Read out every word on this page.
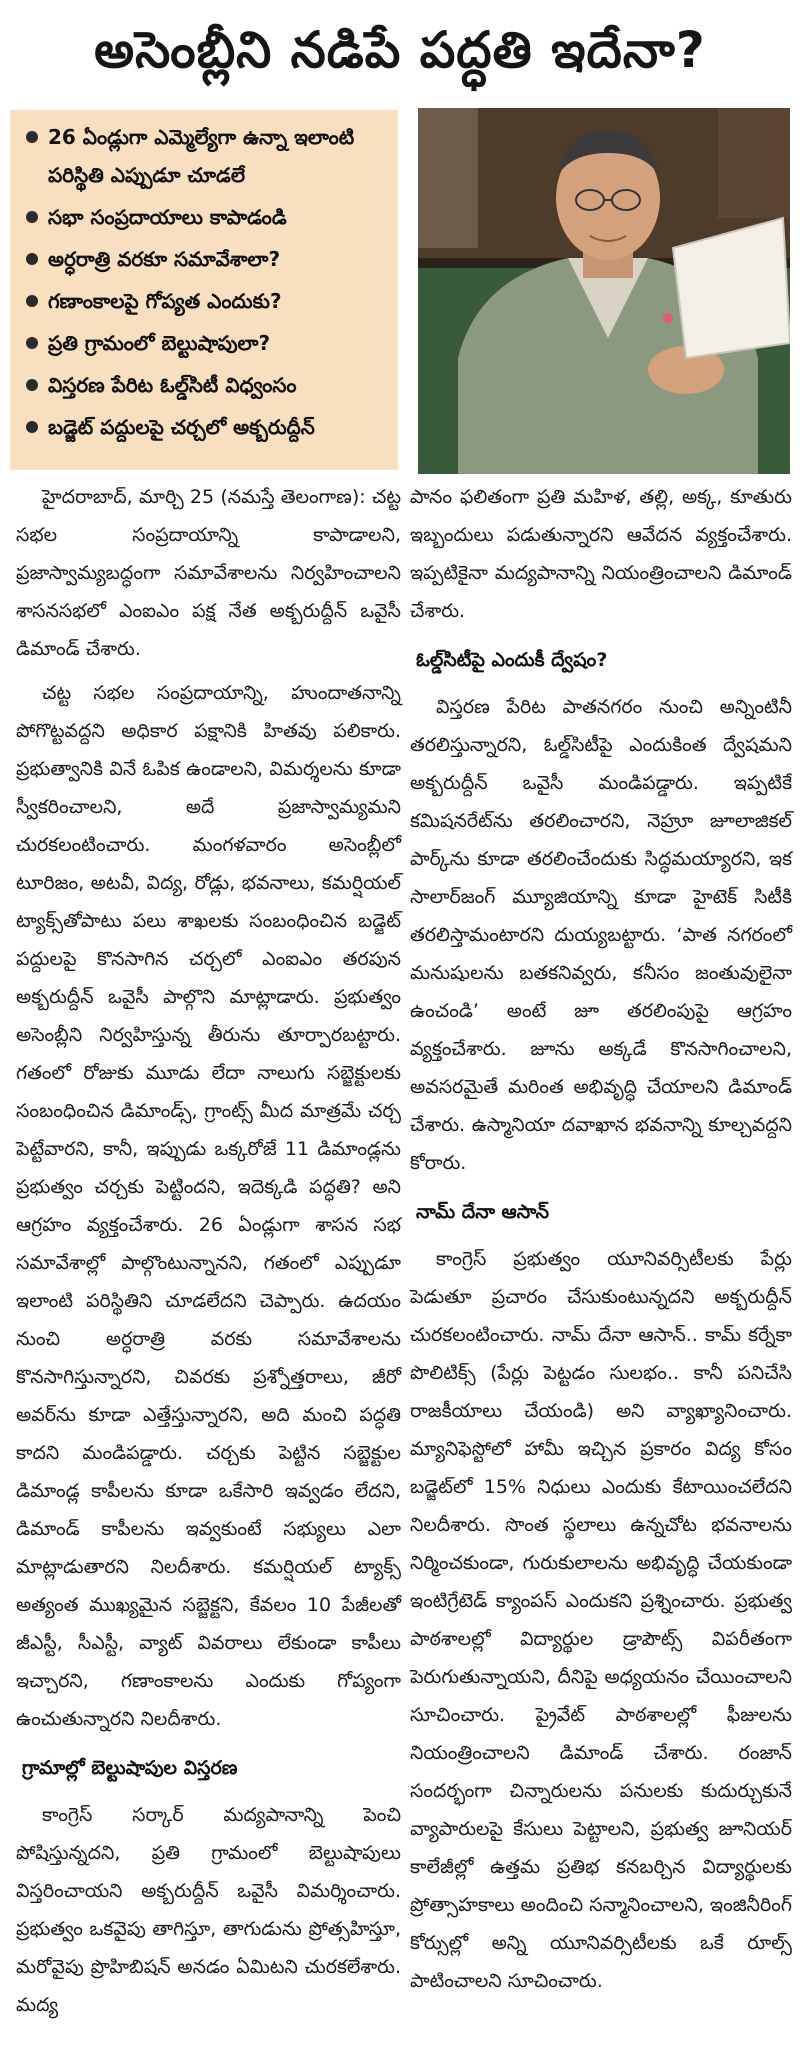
అసెంబ్లీని నడిపే పద్ధతి ఇదేనా?
26 ఏండ్లుగా ఎమ్మెల్యేగా ఉన్నా ఇలాంటి పరిస్థితి ఎప్పుడూ చూడలే
సభా సంప్రదాయాలు కాపాడండి
అర్ధరాత్రి వరకూ సమావేశాలా?
గణాంకాలపై గోప్యత ఎందుకు?
ప్రతి గ్రామంలో బెల్టుషాపులా?
విస్తరణ పేరిట ఓల్డ్‌సిటీ విధ్వంసం
బడ్జెట్ పద్దులపై చర్చలో అక్బరుద్దీన్

హైదరాబాద్, మార్చి 25 (నమస్తే తెలంగాణ): చట్ట సభల సంప్రదాయాన్ని కాపాడాలని, ప్రజాస్వామ్యబద్ధంగా సమావేశాలను నిర్వహించాలని శాసనసభలో ఎంఐఎం పక్ష నేత అక్బరుద్దీన్ ఒవైసీ డిమాండ్ చేశారు.

చట్ట సభల సంప్రదాయాన్ని, హుందాతనాన్ని పోగొట్టవద్దని అధికార పక్షానికి హితవు పలికారు. ప్రభుత్వానికి వినే ఓపిక ఉండాలని, విమర్శలను కూడా స్వీకరించాలని, అదే ప్రజాస్వామ్యమని చురకలంటించారు. మంగళవారం అసెంబ్లీలో టూరిజం, అటవీ, విద్య, రోడ్లు, భవనాలు, కమర్షియల్ ట్యాక్స్‌తోపాటు పలు శాఖలకు సంబంధించిన బడ్జెట్ పద్దులపై కొనసాగిన చర్చలో ఎంఐఎం తరపున అక్బరుద్దీన్ ఒవైసీ పాల్గొని మాట్లాడారు. ప్రభుత్వం అసెంబ్లీని నిర్వహిస్తున్న తీరును తూర్పారబట్టారు. గతంలో రోజుకు మూడు లేదా నాలుగు సబ్జెక్టులకు సంబంధించిన డిమాండ్స్, గ్రాంట్స్ మీద మాత్రమే చర్చ పెట్టేవారని, కానీ, ఇప్పుడు ఒక్కరోజే 11 డిమాండ్లను ప్రభుత్వం చర్చకు పెట్టిందని, ఇదెక్కడి పద్ధతి? అని ఆగ్రహం వ్యక్తంచేశారు. 26 ఏండ్లుగా శాసన సభ సమావేశాల్లో పాల్గొంటున్నానని, గతంలో ఎప్పుడూ ఇలాంటి పరిస్థితిని చూడలేదని చెప్పారు. ఉదయం నుంచి అర్ధరాత్రి వరకు సమావేశాలను కొనసాగిస్తున్నారని, చివరకు ప్రశ్నోత్తరాలు, జీరో అవర్‌ను కూడా ఎత్తేస్తున్నారని, అది మంచి పద్ధతి కాదని మండిపడ్డారు. చర్చకు పెట్టిన సబ్జెక్టుల డిమాండ్ల కాపీలను కూడా ఒకేసారి ఇవ్వడం లేదని, డిమాండ్ కాపీలను ఇవ్వకుంటే సభ్యులు ఎలా మాట్లాడుతారని నిలదీశారు. కమర్షియల్ ట్యాక్స్ అత్యంత ముఖ్యమైన సబ్జెక్టని, కేవలం 10 పేజీలతో జీఎస్టీ, సీఎస్టీ, వ్యాట్ వివరాలు లేకుండా కాపీలు ఇచ్చారని, గణాంకాలను ఎందుకు గోప్యంగా ఉంచుతున్నారని నిలదీశారు.

గ్రామాల్లో బెల్టుషాపుల విస్తరణ

కాంగ్రెస్ సర్కార్ మద్యపానాన్ని పెంచి పోషిస్తున్నదని, ప్రతి గ్రామంలో బెల్టుషాపులు విస్తరించాయని అక్బరుద్దీన్ ఒవైసీ విమర్శించారు. ప్రభుత్వం ఒకవైపు తాగిస్తూ, తాగుడును ప్రోత్సహిస్తూ, మరోవైపు ప్రొహిబిషన్ అనడం ఏమిటని చురకలేశారు. మద్య

పానం ఫలితంగా ప్రతి మహిళ, తల్లి, అక్క, కూతురు ఇబ్బందులు పడుతున్నారని ఆవేదన వ్యక్తంచేశారు. ఇప్పటికైనా మద్యపానాన్ని నియంత్రించాలని డిమాండ్ చేశారు.

ఓల్డ్‌సిటీపై ఎందుకీ ద్వేషం?

విస్తరణ పేరిట పాతనగరం నుంచి అన్నింటినీ తరలిస్తున్నారని, ఓల్డ్‌సిటీపై ఎందుకింత ద్వేషమని అక్బరుద్దీన్ ఒవైసీ మండిపడ్డారు. ఇప్పటికే కమిషనరేట్‌ను తరలించారని, నెహ్రూ జూలాజికల్ పార్క్‌ను కూడా తరలించేందుకు సిద్ధమయ్యారని, ఇక సాలార్‌జంగ్ మ్యూజియాన్ని కూడా హైటెక్ సిటీకి తరలిస్తామంటారని దుయ్యబట్టారు. ‘పాత నగరంలో మనుషులను బతకనివ్వరు, కనీసం జంతువులైనా ఉంచండి’ అంటే జూ తరలింపుపై ఆగ్రహం వ్యక్తంచేశారు. జూను అక్కడే కొనసాగించాలని, అవసరమైతే మరింత అభివృద్ధి చేయాలని డిమాండ్ చేశారు. ఉస్మానియా దవాఖాన భవనాన్ని కూల్చవద్దని కోరారు.

నామ్ దేనా ఆసాన్

కాంగ్రెస్ ప్రభుత్వం యూనివర్సిటీలకు పేర్లు పెడుతూ ప్రచారం చేసుకుంటున్నదని అక్బరుద్దీన్ చురకలంటించారు. నామ్ దేనా ఆసాన్.. కామ్ కర్నేకా పొలిటిక్స్ (పేర్లు పెట్టడం సులభం.. కానీ పనిచేసి రాజకీయాలు చేయండి) అని వ్యాఖ్యానించారు. మ్యానిఫెస్టోలో హామీ ఇచ్చిన ప్రకారం విద్య కోసం బడ్జెట్‌లో 15% నిధులు ఎందుకు కేటాయించలేదని నిలదీశారు. సొంత స్థలాలు ఉన్నచోట భవనాలను నిర్మించకుండా, గురుకులాలను అభివృద్ధి చేయకుండా ఇంటిగ్రేటెడ్ క్యాంపస్ ఎందుకని ప్రశ్నించారు. ప్రభుత్వ పాఠశాలల్లో విద్యార్థుల డ్రాపౌట్స్ విపరీతంగా పెరుగుతున్నాయని, దీనిపై అధ్యయనం చేయించాలని సూచించారు. ప్రైవేట్ పాఠశాలల్లో ఫీజులను నియంత్రించాలని డిమాండ్ చేశారు. రంజాన్ సందర్భంగా చిన్నారులను పనులకు కుదుర్చుకునే వ్యాపారులపై కేసులు పెట్టాలని, ప్రభుత్వ జూనియర్ కాలేజీల్లో ఉత్తమ ప్రతిభ కనబర్చిన విద్యార్థులకు ప్రోత్సాహకాలు అందించి సన్మానించాలని, ఇంజినీరింగ్ కోర్సుల్లో అన్ని యూనివర్సిటీలకు ఒకే రూల్స్ పాటించాలని సూచించారు.
